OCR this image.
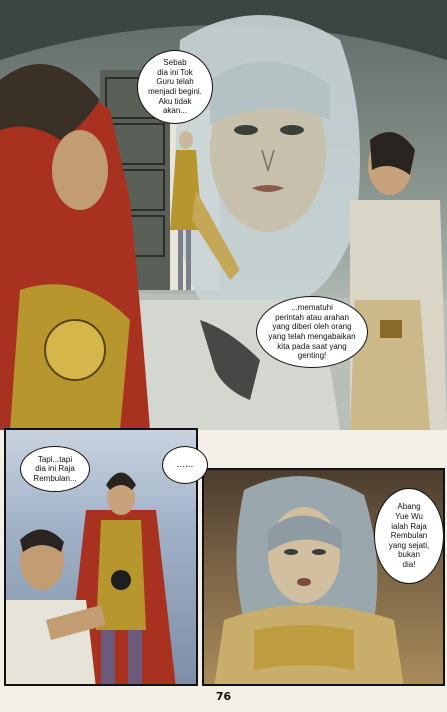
Sebab
dia ini Tok
Guru telah
menjadi begini.
Aku tidak
akan...
...mematuhi
perintah atau arahan
yang diberi oleh orang
yang telah mengabaikan
kita pada saat yang
genting!
......
Tapi...tapi
dia ini Raja
Rembulan...
Abang
Yue Wu
ialah Raja
Rembulan
yang sejati,
bukan
dia!
76
